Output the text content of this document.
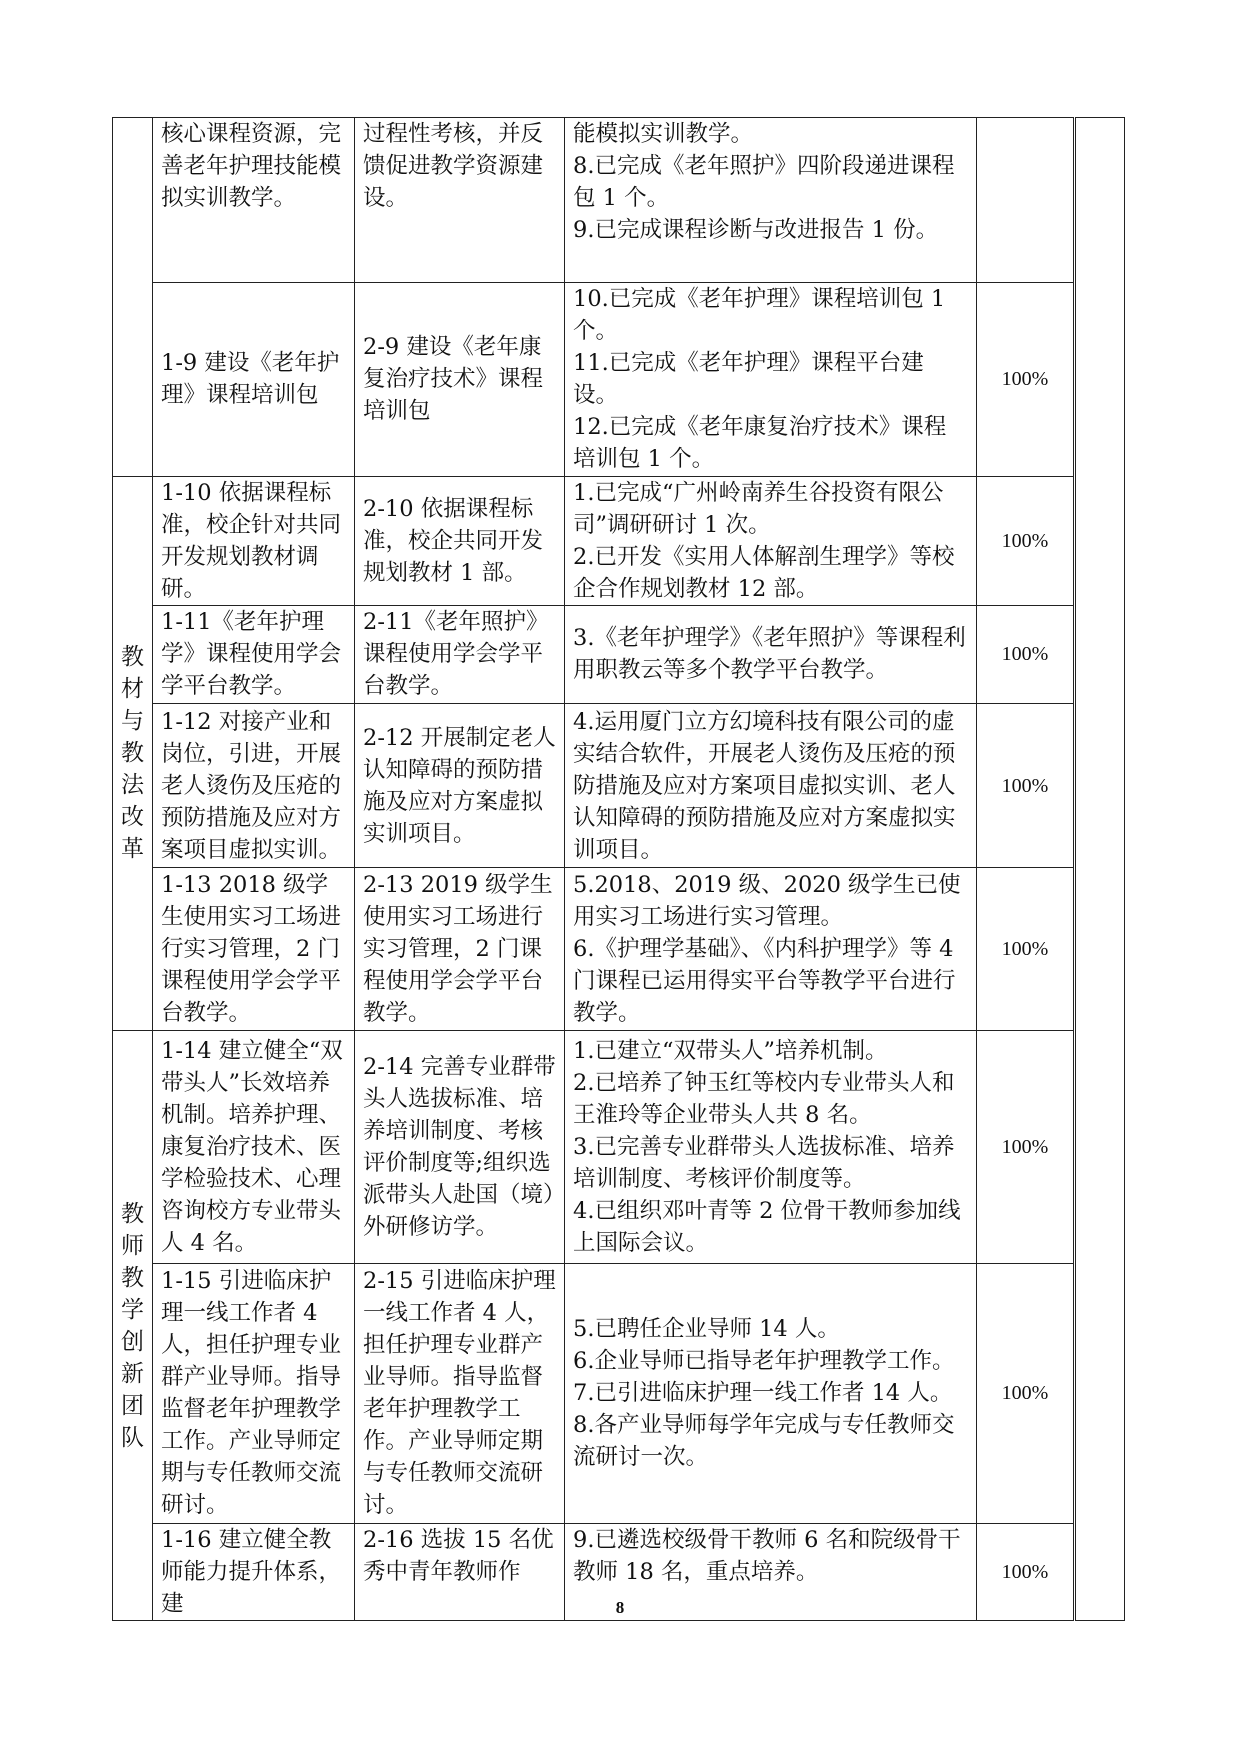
	核心课程资源，完善老年护理技能模拟实训教学。	过程性考核，并反馈促进教学资源建设。	能模拟实训教学。
8.已完成《老年照护》四阶段递进课程包 1 个。
9.已完成课程诊断与改进报告 1 份。		

	1-9 建设《老年护理》课程培训包	2-9 建设《老年康复治疗技术》课程培训包	10.已完成《老年护理》课程培训包 1 个。
11.已完成《老年护理》课程平台建设。
12.已完成《老年康复治疗技术》课程培训包 1 个。	100%	

教材与教法改革	1-10 依据课程标准，校企针对共同开发规划教材调研。	2-10 依据课程标准，校企共同开发规划教材 1 部。	1.已完成“广州岭南养生谷投资有限公司”调研研讨 1 次。
2.已开发《实用人体解剖生理学》等校企合作规划教材 12 部。	100%	
	1-11《老年护理学》课程使用学会学平台教学。	2-11《老年照护》课程使用学会学平台教学。	3.《老年护理学》《老年照护》等课程利用职教云等多个教学平台教学。	100%	
	1-12 对接产业和岗位，引进，开展老人烫伤及压疮的预防措施及应对方案项目虚拟实训。	2-12 开展制定老人认知障碍的预防措施及应对方案虚拟实训项目。	4.运用厦门立方幻境科技有限公司的虚实结合软件，开展老人烫伤及压疮的预防措施及应对方案项目虚拟实训、老人认知障碍的预防措施及应对方案虚拟实训项目。	100%	
	1-13 2018 级学生使用实习工场进行实习管理，2 门课程使用学会学平台教学。	2-13 2019 级学生使用实习工场进行实习管理，2 门课程使用学会学平台教学。	5.2018、2019 级、2020 级学生已使用实习工场进行实习管理。
6.《护理学基础》、《内科护理学》等 4 门课程已运用得实平台等教学平台进行教学。	100%	

教师教学创新团队	1-14 建立健全“双带头人”长效培养机制。培养护理、康复治疗技术、医学检验技术、心理咨询校方专业带头人 4 名。	2-14 完善专业群带头人选拔标准、培养培训制度、考核评价制度等;组织选派带头人赴国（境）外研修访学。	1.已建立“双带头人”培养机制。
2.已培养了钟玉红等校内专业带头人和王淮玲等企业带头人共 8 名。
3.已完善专业群带头人选拔标准、培养培训制度、考核评价制度等。
4.已组织邓叶青等 2 位骨干教师参加线上国际会议。	100%	
	1-15 引进临床护理一线工作者 4 人，担任护理专业群产业导师。指导监督老年护理教学工作。产业导师定期与专任教师交流研讨。	2-15 引进临床护理一线工作者 4 人，担任护理专业群产业导师。指导监督老年护理教学工作。产业导师定期与专任教师交流研讨。	5.已聘任企业导师 14 人。
6.企业导师已指导老年护理教学工作。
7.已引进临床护理一线工作者 14 人。
8.各产业导师每学年完成与专任教师交流研讨一次。	100%	
	1-16 建立健全教师能力提升体系，建	2-16 选拔 15 名优秀中青年教师作	9.已遴选校级骨干教师 6 名和院级骨干教师 18 名，重点培养。	100%	
8
